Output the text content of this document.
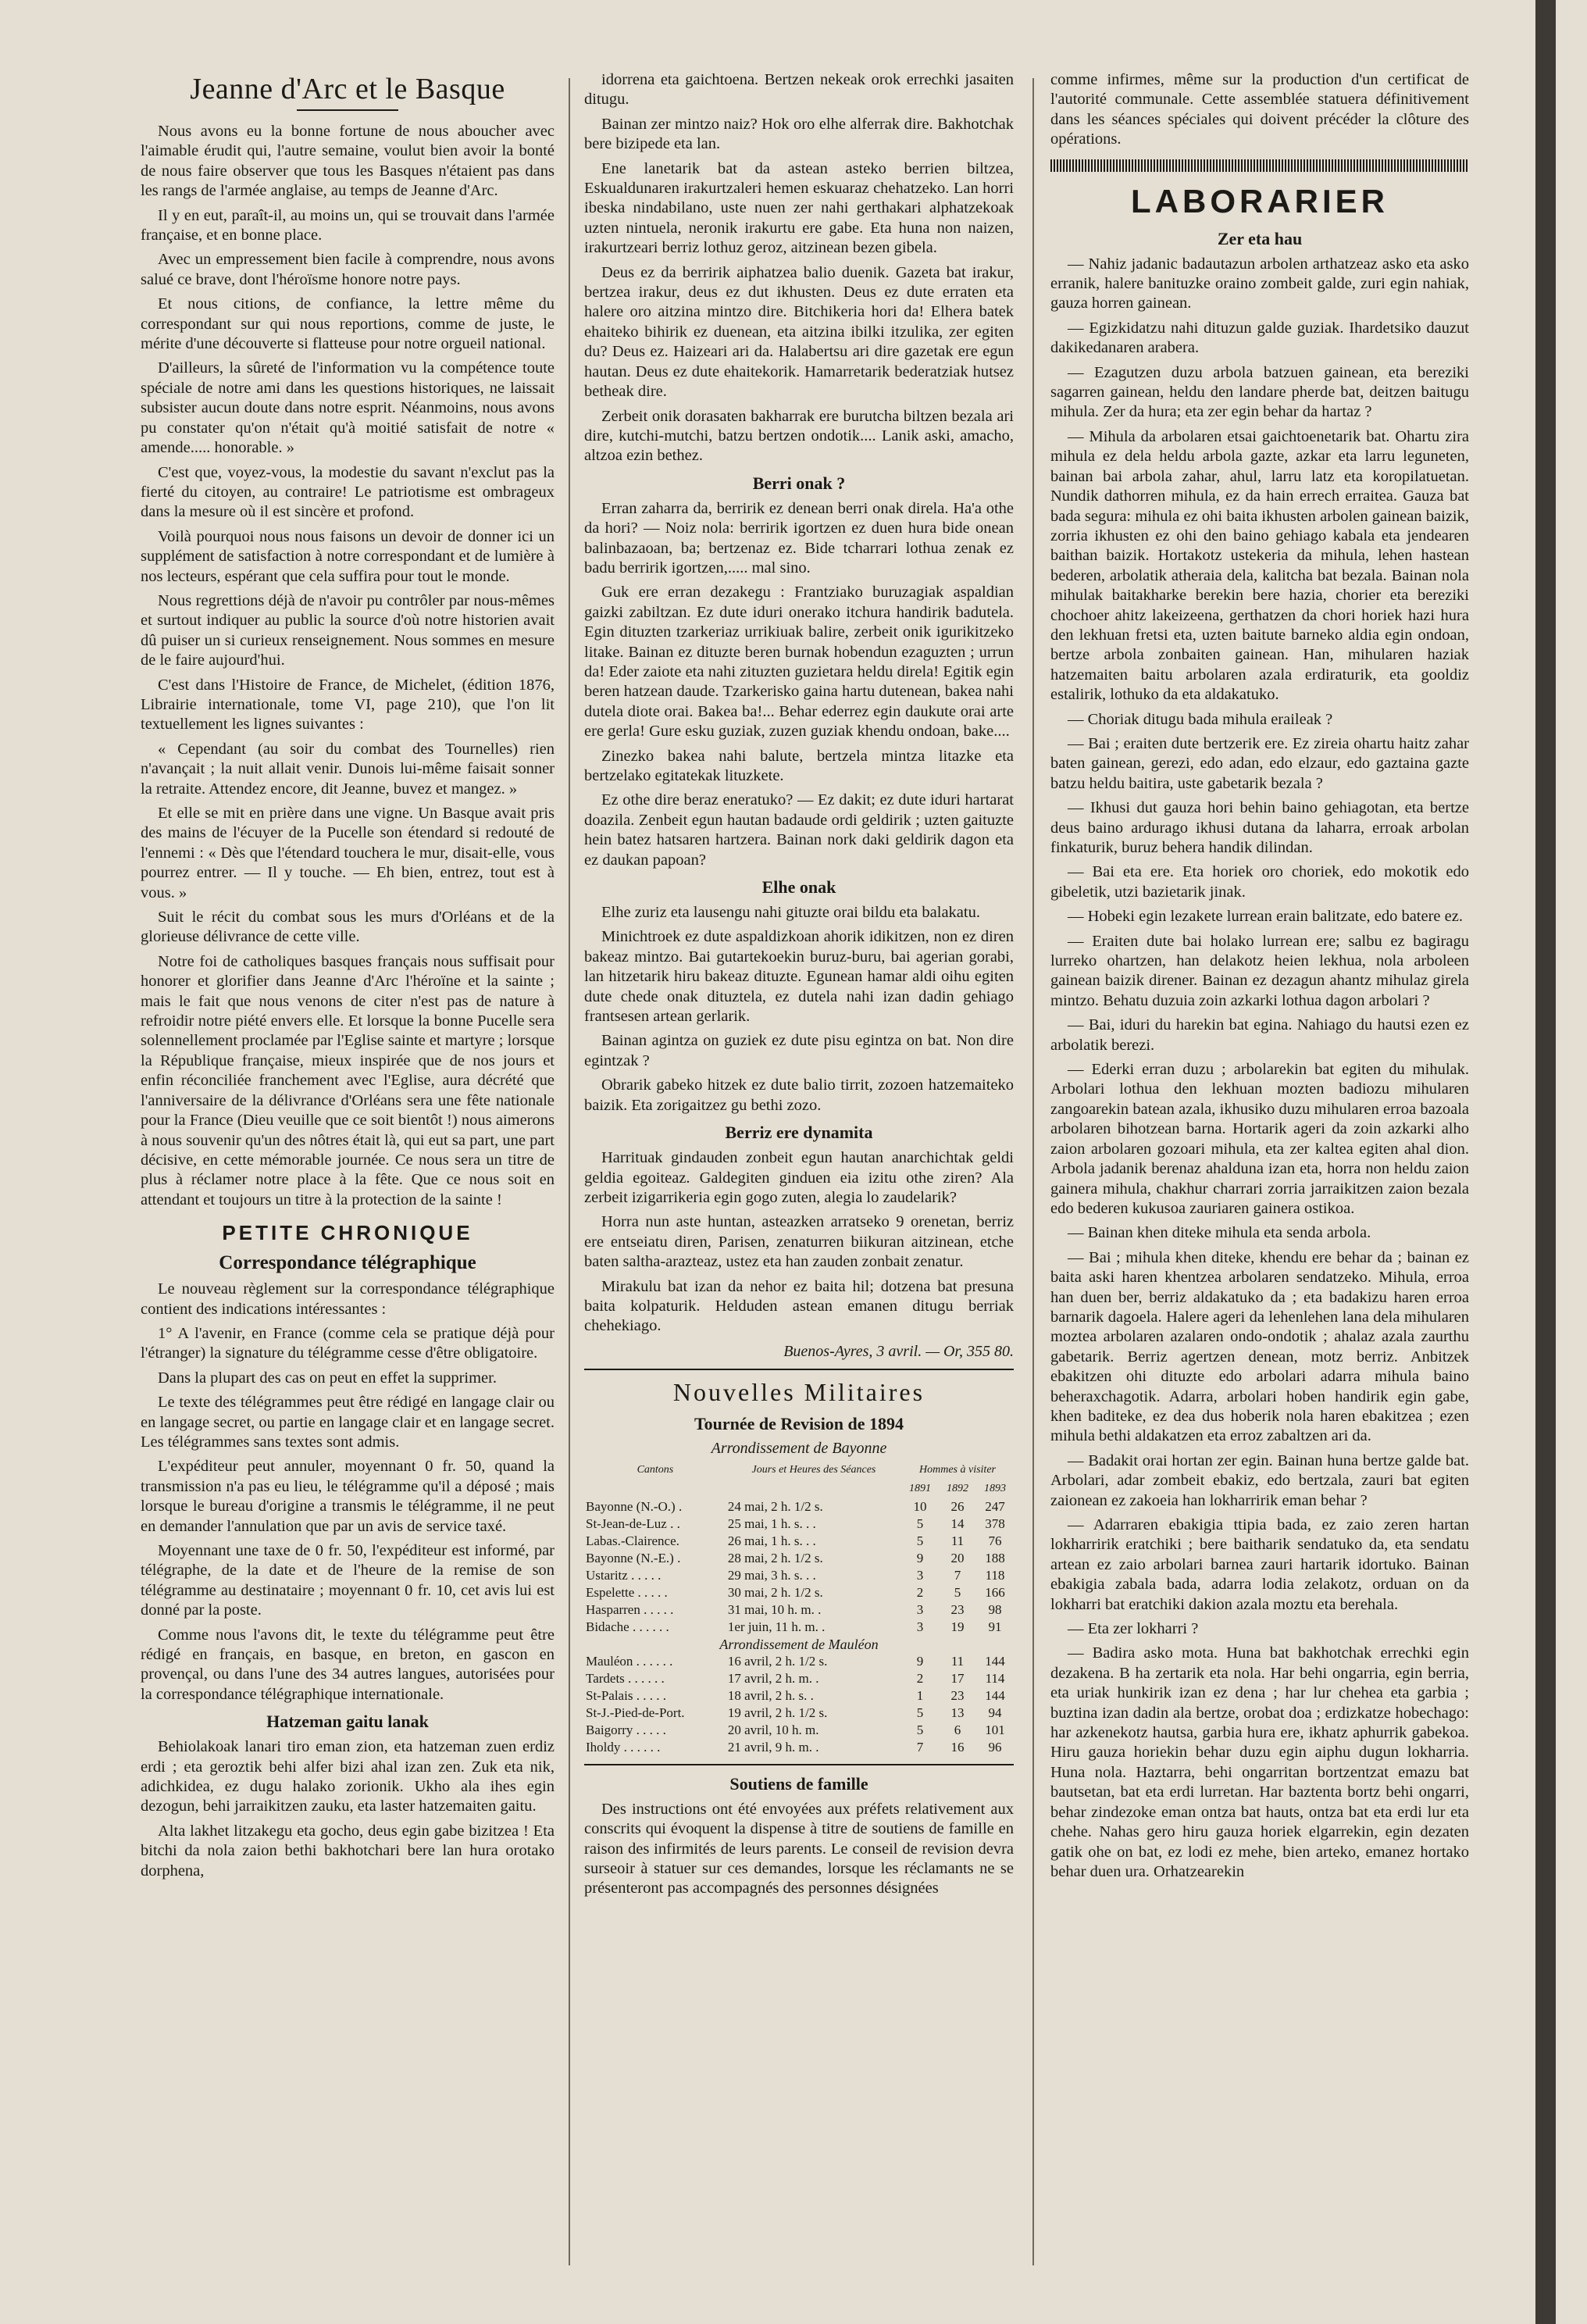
Jeanne d'Arc et le Basque

Nous avons eu la bonne fortune de nous aboucher avec l'aimable érudit qui, l'autre semaine, voulut bien avoir la bonté de nous faire observer que tous les Basques n'étaient pas dans les rangs de l'armée anglaise, au temps de Jeanne d'Arc.

Il y en eut, paraît-il, au moins un, qui se trouvait dans l'armée française, et en bonne place.

Avec un empressement bien facile à comprendre, nous avons salué ce brave, dont l'héroïsme honore notre pays.

Et nous citions, de confiance, la lettre même du correspondant sur qui nous reportions, comme de juste, le mérite d'une découverte si flatteuse pour notre orgueil national.

D'ailleurs, la sûreté de l'information vu la compétence toute spéciale de notre ami dans les questions historiques, ne laissait subsister aucun doute dans notre esprit. Néanmoins, nous avons pu constater qu'on n'était qu'à moitié satisfait de notre « amende..... honorable. »

C'est que, voyez-vous, la modestie du savant n'exclut pas la fierté du citoyen, au contraire! Le patriotisme est ombrageux dans la mesure où il est sincère et profond.

Voilà pourquoi nous nous faisons un devoir de donner ici un supplément de satisfaction à notre correspondant et de lumière à nos lecteurs, espérant que cela suffira pour tout le monde.

Nous regrettions déjà de n'avoir pu contrôler par nous-mêmes et surtout indiquer au public la source d'où notre historien avait dû puiser un si curieux renseignement. Nous sommes en mesure de le faire aujourd'hui.

C'est dans l'Histoire de France, de Michelet, (édition 1876, Librairie internationale, tome VI, page 210), que l'on lit textuellement les lignes suivantes :

« Cependant (au soir du combat des Tournelles) rien n'avançait ; la nuit allait venir. Dunois lui-même faisait sonner la retraite. Attendez encore, dit Jeanne, buvez et mangez. »

Et elle se mit en prière dans une vigne. Un Basque avait pris des mains de l'écuyer de la Pucelle son étendard si redouté de l'ennemi : « Dès que l'étendard touchera le mur, disait-elle, vous pourrez entrer. — Il y touche. — Eh bien, entrez, tout est à vous. »

Suit le récit du combat sous les murs d'Orléans et de la glorieuse délivrance de cette ville.

Notre foi de catholiques basques français nous suffisait pour honorer et glorifier dans Jeanne d'Arc l'héroïne et la sainte ; mais le fait que nous venons de citer n'est pas de nature à refroidir notre piété envers elle. Et lorsque la bonne Pucelle sera solennellement proclamée par l'Eglise sainte et martyre ; lorsque la République française, mieux inspirée que de nos jours et enfin réconciliée franchement avec l'Eglise, aura décrété que l'anniversaire de la délivrance d'Orléans sera une fête nationale pour la France (Dieu veuille que ce soit bientôt !) nous aimerons à nous souvenir qu'un des nôtres était là, qui eut sa part, une part décisive, en cette mémorable journée. Ce nous sera un titre de plus à réclamer notre place à la fête. Que ce nous soit en attendant et toujours un titre à la protection de la sainte !

PETITE CHRONIQUE
Correspondance télégraphique

Le nouveau règlement sur la correspondance télégraphique contient des indications intéressantes :

1° A l'avenir, en France (comme cela se pratique déjà pour l'étranger) la signature du télégramme cesse d'être obligatoire.

Dans la plupart des cas on peut en effet la supprimer.

Le texte des télégrammes peut être rédigé en langage clair ou en langage secret, ou partie en langage clair et en langage secret. Les télégrammes sans textes sont admis.

L'expéditeur peut annuler, moyennant 0 fr. 50, quand la transmission n'a pas eu lieu, le télégramme qu'il a déposé ; mais lorsque le bureau d'origine a transmis le télégramme, il ne peut en demander l'annulation que par un avis de service taxé.

Moyennant une taxe de 0 fr. 50, l'expéditeur est informé, par télégraphe, de la date et de l'heure de la remise de son télégramme au destinataire ; moyennant 0 fr. 10, cet avis lui est donné par la poste.

Comme nous l'avons dit, le texte du télégramme peut être rédigé en français, en basque, en breton, en gascon en provençal, ou dans l'une des 34 autres langues, autorisées pour la correspondance télégraphique internationale.

Hatzeman gaitu lanak

Behiolakoak lanari tiro eman zion, eta hatzeman zuen erdiz erdi ; eta geroztik behi alfer bizi ahal izan zen. Zuk eta nik, adichkidea, ez dugu halako zorionik. Ukho ala ihes egin dezogun, behi jarraikitzen zauku, eta laster hatzemaiten gaitu.

Alta lakhet litzakegu eta gocho, deus egin gabe bizitzea ! Eta bitchi da nola zaion bethi bakhotchari bere lan hura orotako dorphena,

idorrena eta gaichtoena. Bertzen nekeak orok errechki jasaiten ditugu.

Bainan zer mintzo naiz? Hok oro elhe alferrak dire. Bakhotchak bere bizipede eta lan.

Ene lanetarik bat da astean asteko berrien biltzea, Eskualdunaren irakurtzaleri hemen eskuaraz chehatzeko. Lan horri ibeska nindabilano, uste nuen zer nahi gerthakari alphatzekoak uzten nintuela, neronik irakurtu ere gabe. Eta huna non naizen, irakurtzeari berriz lothuz geroz, aitzinean bezen gibela.

Deus ez da berririk aiphatzea balio duenik. Gazeta bat irakur, bertzea irakur, deus ez dut ikhusten. Deus ez dute erraten eta halere oro aitzina mintzo dire. Bitchikeria hori da! Elhera batek ehaiteko bihirik ez duenean, eta aitzina ibilki itzulika, zer egiten du? Deus ez. Haizeari ari da. Halabertsu ari dire gazetak ere egun hautan. Deus ez dute ehaitekorik. Hamarretarik bederatziak hutsez betheak dire.

Zerbeit onik dorasaten bakharrak ere burutcha biltzen bezala ari dire, kutchi-mutchi, batzu bertzen ondotik.... Lanik aski, amacho, altzoa ezin bethez.

Berri onak ?

Erran zaharra da, berririk ez denean berri onak direla. Ha'a othe da hori? — Noiz nola: berririk igortzen ez duen hura bide onean balinbazaoan, ba; bertzenaz ez. Bide tcharrari lothua zenak ez badu berririk igortzen,..... mal sino.

Guk ere erran dezakegu : Frantziako buruzagiak aspaldian gaizki zabiltzan. Ez dute iduri onerako itchura handirik badutela. Egin dituzten tzarkeriaz urrikiuak balire, zerbeit onik igurikitzeko litake. Bainan ez dituzte beren burnak hobendun ezaguzten ; urrun da! Eder zaiote eta nahi zituzten guzietara heldu direla! Egitik egin beren hatzean daude. Tzarkerisko gaina hartu dutenean, bakea nahi dutela diote orai. Bakea ba!... Behar ederrez egin daukute orai arte ere gerla! Gure esku guziak, zuzen guziak khendu ondoan, bake....

Zinezko bakea nahi balute, bertzela mintza litazke eta bertzelako egitatekak lituzkete.

Ez othe dire beraz eneratuko? — Ez dakit; ez dute iduri hartarat doazila. Zenbeit egun hautan badaude ordi geldirik ; uzten gaituzte hein batez hatsaren hartzera. Bainan nork daki geldirik dagon eta ez daukan papoan?

Elhe onak

Elhe zuriz eta lausengu nahi gituzte orai bildu eta balakatu.

Minichtroek ez dute aspaldizkoan ahorik idikitzen, non ez diren bakeaz mintzo. Bai gutartekoekin buruz-buru, bai agerian gorabi, lan hitzetarik hiru bakeaz dituzte. Egunean hamar aldi oihu egiten dute chede onak dituztela, ez dutela nahi izan dadin gehiago frantsesen artean gerlarik.

Bainan agintza on guziek ez dute pisu egintza on bat. Non dire egintzak ?

Obrarik gabeko hitzek ez dute balio tirrit, zozoen hatzemaiteko baizik. Eta zorigaitzez gu bethi zozo.

Berriz ere dynamita

Harrituak gindauden zonbeit egun hautan anarchichtak geldi geldia egoiteaz. Galdegiten ginduen eia izitu othe ziren? Ala zerbeit izigarrikeria egin gogo zuten, alegia lo zaudelarik?

Horra nun aste huntan, asteazken arratseko 9 orenetan, berriz ere entseiatu diren, Parisen, zenaturren biikuran aitzinean, etche baten saltha-arazteaz, ustez eta han zauden zonbait zenatur.

Mirakulu bat izan da nehor ez baita hil; dotzena bat presuna baita kolpaturik. Helduden astean emanen ditugu berriak chehekiago.

Buenos-Ayres, 3 avril. — Or, 355 80.
Nouvelles Militaires
Tournée de Revision de 1894
Arrondissement de Bayonne
Cantons	Jours et Heures des Séances	Hommes à visiter		
		1891	1892	1893
Bayonne (N.-O.) .	24 mai, 2 h. 1/2 s.	10	26	247
St-Jean-de-Luz . .	25 mai, 1 h. s. . .	5	14	378
Labas.-Clairence.	26 mai, 1 h. s. . .	5	11	76
Bayonne (N.-E.) .	28 mai, 2 h. 1/2 s.	9	20	188
Ustaritz . . . . .	29 mai, 3 h. s. . .	3	7	118
Espelette . . . . .	30 mai, 2 h. 1/2 s.	2	5	166
Hasparren . . . . .	31 mai, 10 h. m. .	3	23	98
Bidache . . . . . .	1er juin, 11 h. m. .	3	19	91
Arrondissement de Mauléon				
Mauléon . . . . . .	16 avril, 2 h. 1/2 s.	9	11	144
Tardets . . . . . .	17 avril, 2 h. m. .	2	17	114
St-Palais . . . . .	18 avril, 2 h. s. .	1	23	144
St-J.-Pied-de-Port.	19 avril, 2 h. 1/2 s.	5	13	94
Baigorry . . . . .	20 avril, 10 h. m.	5	6	101
Iholdy . . . . . .	21 avril, 9 h. m. .	7	16	96
Soutiens de famille

Des instructions ont été envoyées aux préfets relativement aux conscrits qui évoquent la dispense à titre de soutiens de famille en raison des infirmités de leurs parents. Le conseil de revision devra surseoir à statuer sur ces demandes, lorsque les réclamants ne se présenteront pas accompagnés des personnes désignées

comme infirmes, même sur la production d'un certificat de l'autorité communale. Cette assemblée statuera définitivement dans les séances spéciales qui doivent précéder la clôture des opérations.

LABORARIER
Zer eta hau

— Nahiz jadanic badautazun arbolen arthatzeaz asko eta asko erranik, halere banituzke oraino zombeit galde, zuri egin nahiak, gauza horren gainean.

— Egizkidatzu nahi dituzun galde guziak. Ihardetsiko dauzut dakikedanaren arabera.

— Ezagutzen duzu arbola batzuen gainean, eta bereziki sagarren gainean, heldu den landare pherde bat, deitzen baitugu mihula. Zer da hura; eta zer egin behar da hartaz ?

— Mihula da arbolaren etsai gaichtoenetarik bat. Ohartu zira mihula ez dela heldu arbola gazte, azkar eta larru leguneten, bainan bai arbola zahar, ahul, larru latz eta koropilatuetan. Nundik dathorren mihula, ez da hain errech erraitea. Gauza bat bada segura: mihula ez ohi baita ikhusten arbolen gainean baizik, zorria ikhusten ez ohi den baino gehiago kabala eta jendearen baithan baizik. Hortakotz ustekeria da mihula, lehen hastean bederen, arbolatik atheraia dela, kalitcha bat bezala. Bainan nola mihulak baitakharke berekin bere hazia, chorier eta bereziki chochoer ahitz lakeizeena, gerthatzen da chori horiek hazi hura den lekhuan fretsi eta, uzten baitute barneko aldia egin ondoan, bertze arbola zonbaiten gainean. Han, mihularen haziak hatzemaiten baitu arbolaren azala erdiraturik, eta gooldiz estalirik, lothuko da eta aldakatuko.

— Choriak ditugu bada mihula eraileak ?

— Bai ; eraiten dute bertzerik ere. Ez zireia ohartu haitz zahar baten gainean, gerezi, edo adan, edo elzaur, edo gaztaina gazte batzu heldu baitira, uste gabetarik bezala ?

— Ikhusi dut gauza hori behin baino gehiagotan, eta bertze deus baino ardurago ikhusi dutana da laharra, erroak arbolan finkaturik, buruz behera handik dilindan.

— Bai eta ere. Eta horiek oro choriek, edo mokotik edo gibeletik, utzi bazietarik jinak.

— Hobeki egin lezakete lurrean erain balitzate, edo batere ez.

— Eraiten dute bai holako lurrean ere; salbu ez bagiragu lurreko ohartzen, han delakotz heien lekhua, nola arboleen gainean baizik direner. Bainan ez dezagun ahantz mihulaz girela mintzo. Behatu duzuia zoin azkarki lothua dagon arbolari ?

— Bai, iduri du harekin bat egina. Nahiago du hautsi ezen ez arbolatik berezi.

— Ederki erran duzu ; arbolarekin bat egiten du mihulak. Arbolari lothua den lekhuan mozten badiozu mihularen zangoarekin batean azala, ikhusiko duzu mihularen erroa bazoala arbolaren bihotzean barna. Hortarik ageri da zoin azkarki alho zaion arbolaren gozoari mihula, eta zer kaltea egiten ahal dion. Arbola jadanik berenaz ahalduna izan eta, horra non heldu zaion gainera mihula, chakhur charrari zorria jarraikitzen zaion bezala edo bederen kukusoa zauriaren gainera ostikoa.

— Bainan khen diteke mihula eta senda arbola.

— Bai ; mihula khen diteke, khendu ere behar da ; bainan ez baita aski haren khentzea arbolaren sendatzeko. Mihula, erroa han duen ber, berriz aldakatuko da ; eta badakizu haren erroa barnarik dagoela. Halere ageri da lehenlehen lana dela mihularen moztea arbolaren azalaren ondo-ondotik ; ahalaz azala zaurthu gabetarik. Berriz agertzen denean, motz berriz. Anbitzek ebakitzen ohi dituzte edo arbolari adarra mihula baino beheraxchagotik. Adarra, arbolari hoben handirik egin gabe, khen baditeke, ez dea dus hoberik nola haren ebakitzea ; ezen mihula bethi aldakatzen eta erroz zabaltzen ari da.

— Badakit orai hortan zer egin. Bainan huna bertze galde bat. Arbolari, adar zombeit ebakiz, edo bertzala, zauri bat egiten zaionean ez zakoeia han lokharririk eman behar ?

— Adarraren ebakigia ttipia bada, ez zaio zeren hartan lokharririk eratchiki ; bere baitharik sendatuko da, eta sendatu artean ez zaio arbolari barnea zauri hartarik idortuko. Bainan ebakigia zabala bada, adarra lodia zelakotz, orduan on da lokharri bat eratchiki dakion azala moztu eta berehala.

— Eta zer lokharri ?

— Badira asko mota. Huna bat bakhotchak errechki egin dezakena. B ha zertarik eta nola. Har behi ongarria, egin berria, eta uriak hunkirik izan ez dena ; har lur chehea eta garbia ; buztina izan dadin ala bertze, orobat doa ; erdizkatze hobechago: har azkenekotz hautsa, garbia hura ere, ikhatz aphurrik gabekoa. Hiru gauza horiekin behar duzu egin aiphu dugun lokharria. Huna nola. Haztarra, behi ongarritan bortzentzat emazu bat bautsetan, bat eta erdi lurretan. Har baztenta bortz behi ongarri, behar zindezoke eman ontza bat hauts, ontza bat eta erdi lur eta chehe. Nahas gero hiru gauza horiek elgarrekin, egin dezaten gatik ohe on bat, ez lodi ez mehe, bien arteko, emanez hortako behar duen ura. Orhatzearekin
